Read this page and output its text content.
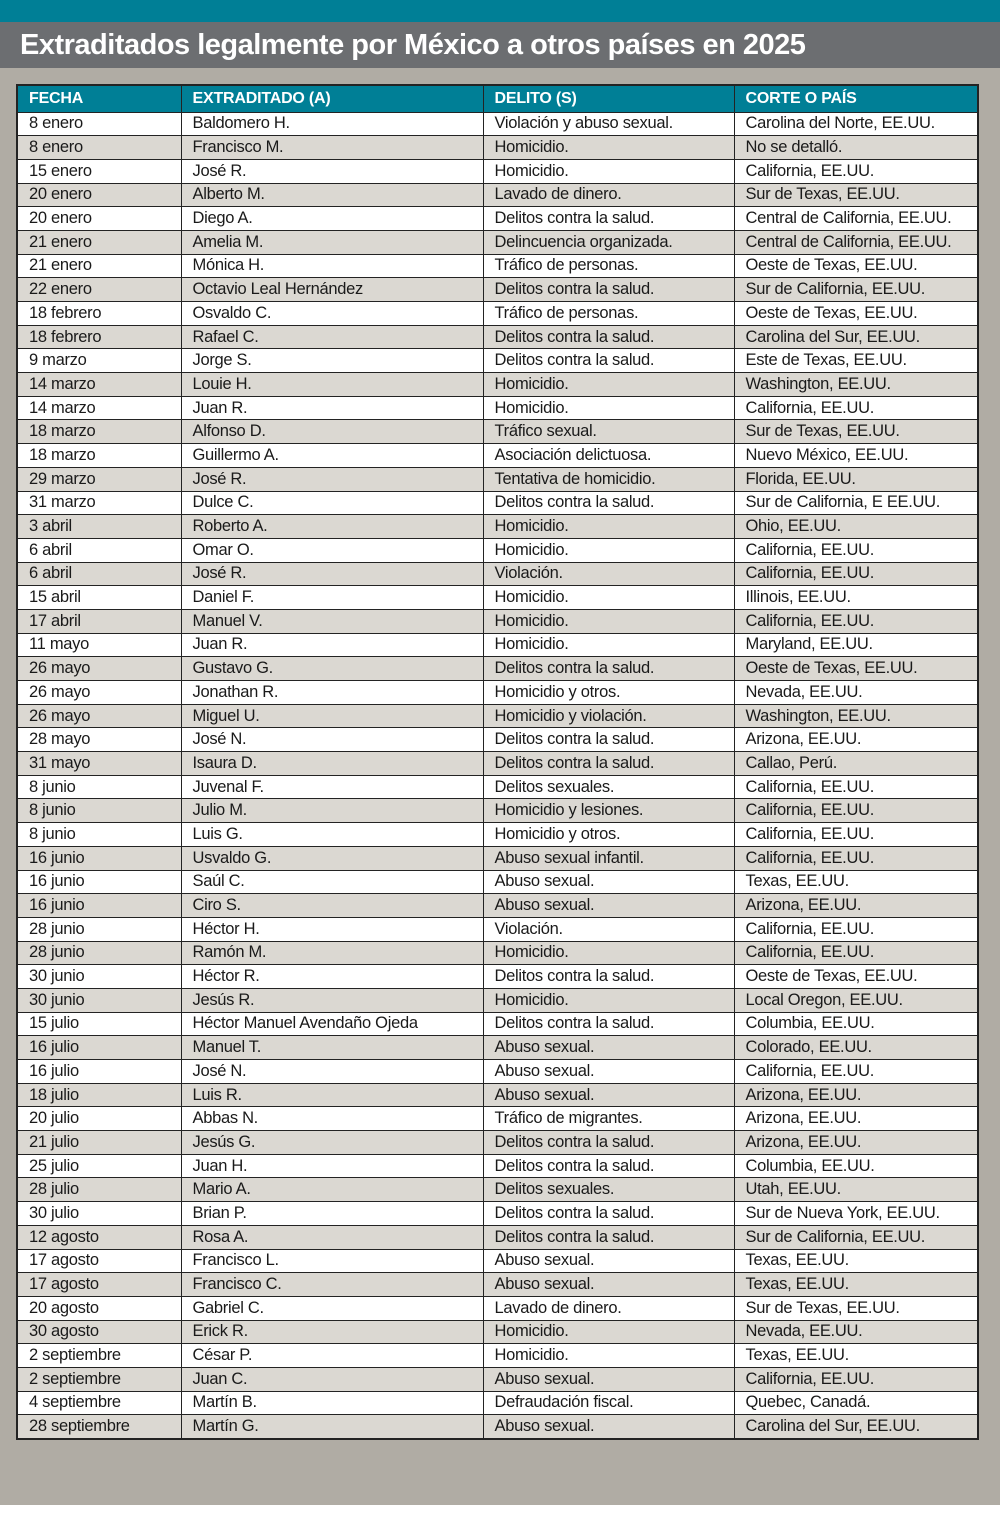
Extraditados legalmente por México a otros países en 2025
FECHA	EXTRADITADO (A)	DELITO (S)	CORTE O PAÍS
8 enero	Baldomero H.	Violación y abuso sexual.	Carolina del Norte, EE.UU.
8 enero	Francisco M.	Homicidio.	No se detalló.
15 enero	José R.	Homicidio.	California, EE.UU.
20 enero	Alberto M.	Lavado de dinero.	Sur de Texas, EE.UU.
20 enero	Diego A.	Delitos contra la salud.	Central de California, EE.UU.
21 enero	Amelia M.	Delincuencia organizada.	Central de California, EE.UU.
21 enero	Mónica H.	Tráfico de personas.	Oeste de Texas, EE.UU.
22 enero	Octavio Leal Hernández	Delitos contra la salud.	Sur de California, EE.UU.
18 febrero	Osvaldo C.	Tráfico de personas.	Oeste de Texas, EE.UU.
18 febrero	Rafael C.	Delitos contra la salud.	Carolina del Sur, EE.UU.
9 marzo	Jorge S.	Delitos contra la salud.	Este de Texas, EE.UU.
14 marzo	Louie H.	Homicidio.	Washington, EE.UU.
14 marzo	Juan R.	Homicidio.	California, EE.UU.
18 marzo	Alfonso D.	Tráfico sexual.	Sur de Texas, EE.UU.
18 marzo	Guillermo A.	Asociación delictuosa.	Nuevo México, EE.UU.
29 marzo	José R.	Tentativa de homicidio.	Florida, EE.UU.
31 marzo	Dulce C.	Delitos contra la salud.	Sur de California, E EE.UU.
3 abril	Roberto A.	Homicidio.	Ohio, EE.UU.
6 abril	Omar O.	Homicidio.	California, EE.UU.
6 abril	José R.	Violación.	California, EE.UU.
15 abril	Daniel F.	Homicidio.	Illinois, EE.UU.
17 abril	Manuel V.	Homicidio.	California, EE.UU.
11 mayo	Juan R.	Homicidio.	Maryland, EE.UU.
26 mayo	Gustavo G.	Delitos contra la salud.	Oeste de Texas, EE.UU.
26 mayo	Jonathan R.	Homicidio y otros.	Nevada, EE.UU.
26 mayo	Miguel U.	Homicidio y violación.	Washington, EE.UU.
28 mayo	José N.	Delitos contra la salud.	Arizona, EE.UU.
31 mayo	Isaura D.	Delitos contra la salud.	Callao, Perú.
8 junio	Juvenal F.	Delitos sexuales.	California, EE.UU.
8 junio	Julio M.	Homicidio y lesiones.	California, EE.UU.
8 junio	Luis G.	Homicidio y otros.	California, EE.UU.
16 junio	Usvaldo G.	Abuso sexual infantil.	California, EE.UU.
16 junio	Saúl C.	Abuso sexual.	Texas, EE.UU.
16 junio	Ciro S.	Abuso sexual.	Arizona, EE.UU.
28 junio	Héctor H.	Violación.	California, EE.UU.
28 junio	Ramón M.	Homicidio.	California, EE.UU.
30 junio	Héctor R.	Delitos contra la salud.	Oeste de Texas, EE.UU.
30 junio	Jesús R.	Homicidio.	Local Oregon, EE.UU.
15 julio	Héctor Manuel Avendaño Ojeda	Delitos contra la salud.	Columbia, EE.UU.
16 julio	Manuel T.	Abuso sexual.	Colorado, EE.UU.
16 julio	José N.	Abuso sexual.	California, EE.UU.
18 julio	Luis R.	Abuso sexual.	Arizona, EE.UU.
20 julio	Abbas N.	Tráfico de migrantes.	Arizona, EE.UU.
21 julio	Jesús G.	Delitos contra la salud.	Arizona, EE.UU.
25 julio	Juan H.	Delitos contra la salud.	Columbia, EE.UU.
28 julio	Mario A.	Delitos sexuales.	Utah, EE.UU.
30 julio	Brian P.	Delitos contra la salud.	Sur de Nueva York, EE.UU.
12 agosto	Rosa A.	Delitos contra la salud.	Sur de California, EE.UU.
17 agosto	Francisco L.	Abuso sexual.	Texas, EE.UU.
17 agosto	Francisco C.	Abuso sexual.	Texas, EE.UU.
20 agosto	Gabriel C.	Lavado de dinero.	Sur de Texas, EE.UU.
30 agosto	Erick R.	Homicidio.	Nevada, EE.UU.
2 septiembre	César P.	Homicidio.	Texas, EE.UU.
2 septiembre	Juan C.	Abuso sexual.	California, EE.UU.
4 septiembre	Martín B.	Defraudación fiscal.	Quebec, Canadá.
28 septiembre	Martín G.	Abuso sexual.	Carolina del Sur, EE.UU.
